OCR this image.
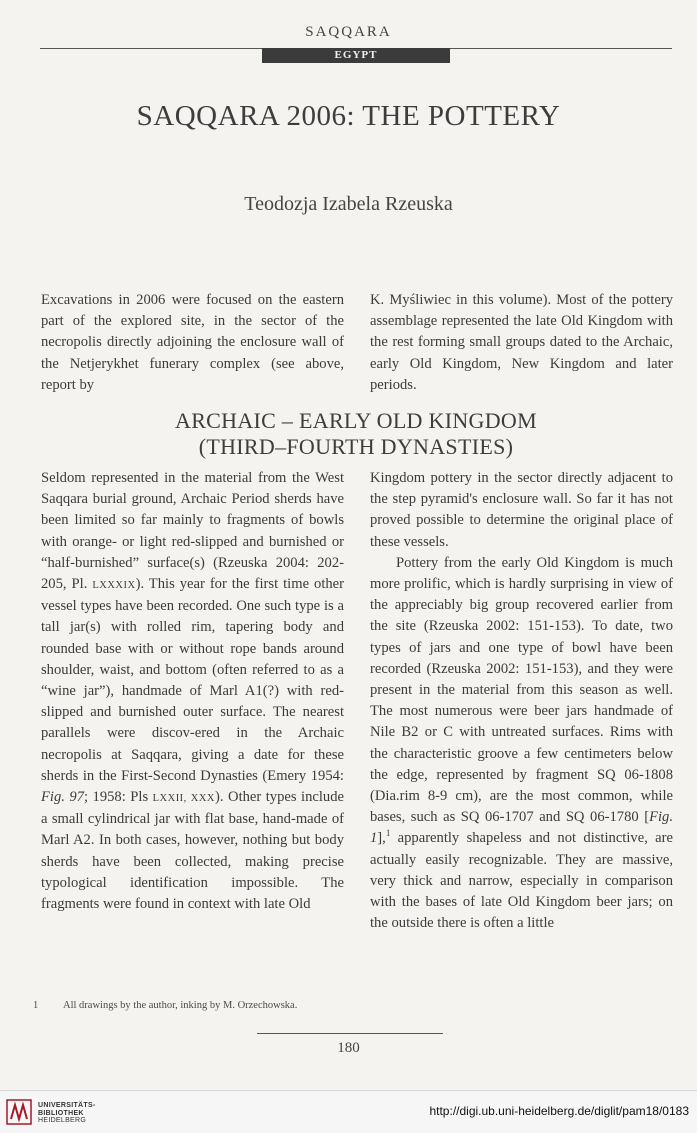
SAQQARA
EGYPT
SAQQARA 2006: THE POTTERY
Teodozja Izabela Rzeuska

Excavations in 2006 were focused on the eastern part of the explored site, in the sector of the necropolis directly adjoining the enclosure wall of the Netjerykhet funerary complex (see above, report by

K. Myśliwiec in this volume). Most of the pottery assemblage represented the late Old Kingdom with the rest forming small groups dated to the Archaic, early Old Kingdom, New Kingdom and later periods.

ARCHAIC – EARLY OLD KINGDOM
(THIRD–FOURTH DYNASTIES)

Seldom represented in the material from the West Saqqara burial ground, Archaic Period sherds have been limited so far mainly to fragments of bowls with orange- or light red-slipped and burnished or “half-burnished” surface(s) (Rzeuska 2004: 202-205, Pl. LXXXIX). This year for the first time other vessel types have been recorded. One such type is a tall jar(s) with rolled rim, tapering body and rounded base with or without rope bands around shoulder, waist, and bottom (often referred to as a “wine jar”), handmade of Marl A1(?) with red-slipped and burnished outer surface. The nearest parallels were discov-ered in the Archaic necropolis at Saqqara, giving a date for these sherds in the First-Second Dynasties (Emery 1954: Fig. 97; 1958: Pls LXXII, XXX). Other types include a small cylindrical jar with flat base, hand-made of Marl A2. In both cases, however, nothing but body sherds have been collected, making precise typological identification impossible. The fragments were found in context with late Old

Kingdom pottery in the sector directly adjacent to the step pyramid's enclosure wall. So far it has not proved possible to determine the original place of these vessels.

Pottery from the early Old Kingdom is much more prolific, which is hardly surprising in view of the appreciably big group recovered earlier from the site (Rzeuska 2002: 151-153). To date, two types of jars and one type of bowl have been recorded (Rzeuska 2002: 151-153), and they were present in the material from this season as well. The most numerous were beer jars handmade of Nile B2 or C with untreated surfaces. Rims with the characteristic groove a few centimeters below the edge, represented by fragment SQ 06-1808 (Dia.rim 8-9 cm), are the most common, while bases, such as SQ 06-1707 and SQ 06-1780 [Fig. 1],$^1$ apparently shapeless and not distinctive, are actually easily recognizable. They are massive, very thick and narrow, especially in comparison with the bases of late Old Kingdom beer jars; on the outside there is often a little

1 All drawings by the author, inking by M. Orzechowska.
180
UNIVERSITÄTS-
BIBLIOTHEK
HEIDELBERG
http://digi.ub.uni-heidelberg.de/diglit/pam18/0183
